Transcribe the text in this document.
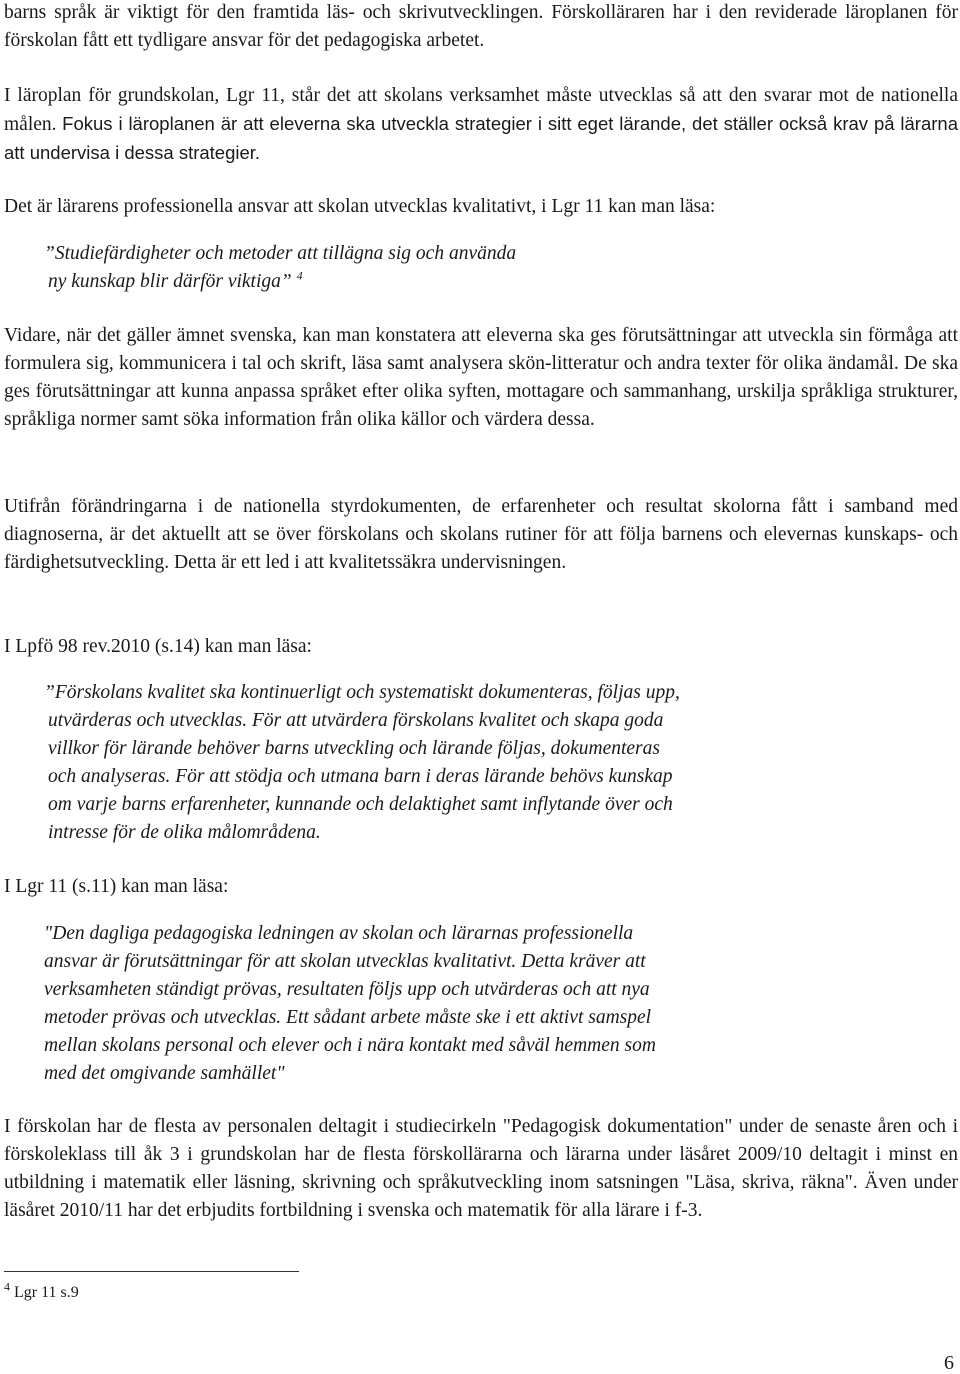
barns språk är viktigt för den framtida läs- och skrivutvecklingen. Förskolläraren har i den reviderade läroplanen för förskolan fått ett tydligare ansvar för det pedagogiska arbetet.

I läroplan för grundskolan, Lgr 11, står det att skolans verksamhet måste utvecklas så att den svarar mot de nationella målen. Fokus i läroplanen är att eleverna ska utveckla strategier i sitt eget lärande, det ställer också krav på lärarna att undervisa i dessa strategier.

Det är lärarens professionella ansvar att skolan utvecklas kvalitativt, i Lgr 11 kan man läsa:

”Studiefärdigheter och metoder att tillägna sig och använda
ny kunskap blir därför viktiga” $^4$

Vidare, när det gäller ämnet svenska, kan man konstatera att eleverna ska ges förutsättningar att utveckla sin förmåga att formulera sig, kommunicera i tal och skrift, läsa samt analysera skön-litteratur och andra texter för olika ändamål. De ska ges förutsättningar att kunna anpassa språket efter olika syften, mottagare och sammanhang, urskilja språkliga strukturer, språkliga normer samt söka information från olika källor och värdera dessa.

Utifrån förändringarna i de nationella styrdokumenten, de erfarenheter och resultat skolorna fått i samband med diagnoserna, är det aktuellt att se över förskolans och skolans rutiner för att följa barnens och elevernas kunskaps- och färdighetsutveckling. Detta är ett led i att kvalitetssäkra undervisningen.

I Lpfö 98 rev.2010 (s.14) kan man läsa:

”Förskolans kvalitet ska kontinuerligt och systematiskt dokumenteras, följas upp,
utvärderas och utvecklas. För att utvärdera förskolans kvalitet och skapa goda
villkor för lärande behöver barns utveckling och lärande följas, dokumenteras
och analyseras. För att stödja och utmana barn i deras lärande behövs kunskap
om varje barns erfarenheter, kunnande och delaktighet samt inflytande över och
intresse för de olika målområdena.

I Lgr 11 (s.11) kan man läsa:

"Den dagliga pedagogiska ledningen av skolan och lärarnas professionella
ansvar är förutsättningar för att skolan utvecklas kvalitativt. Detta kräver att
verksamheten ständigt prövas, resultaten följs upp och utvärderas och att nya
metoder prövas och utvecklas. Ett sådant arbete måste ske i ett aktivt samspel
mellan skolans personal och elever och i nära kontakt med såväl hemmen som
med det omgivande samhället"

I förskolan har de flesta av personalen deltagit i studiecirkeln "Pedagogisk dokumentation" under de senaste åren och i förskoleklass till åk 3 i grundskolan har de flesta förskollärarna och lärarna under läsåret 2009/10 deltagit i minst en utbildning i matematik eller läsning, skrivning och språkutveckling inom satsningen "Läsa, skriva, räkna". Även under läsåret 2010/11 har det erbjudits fortbildning i svenska och matematik för alla lärare i f-3.

$^4$ Lgr 11 s.9
6
